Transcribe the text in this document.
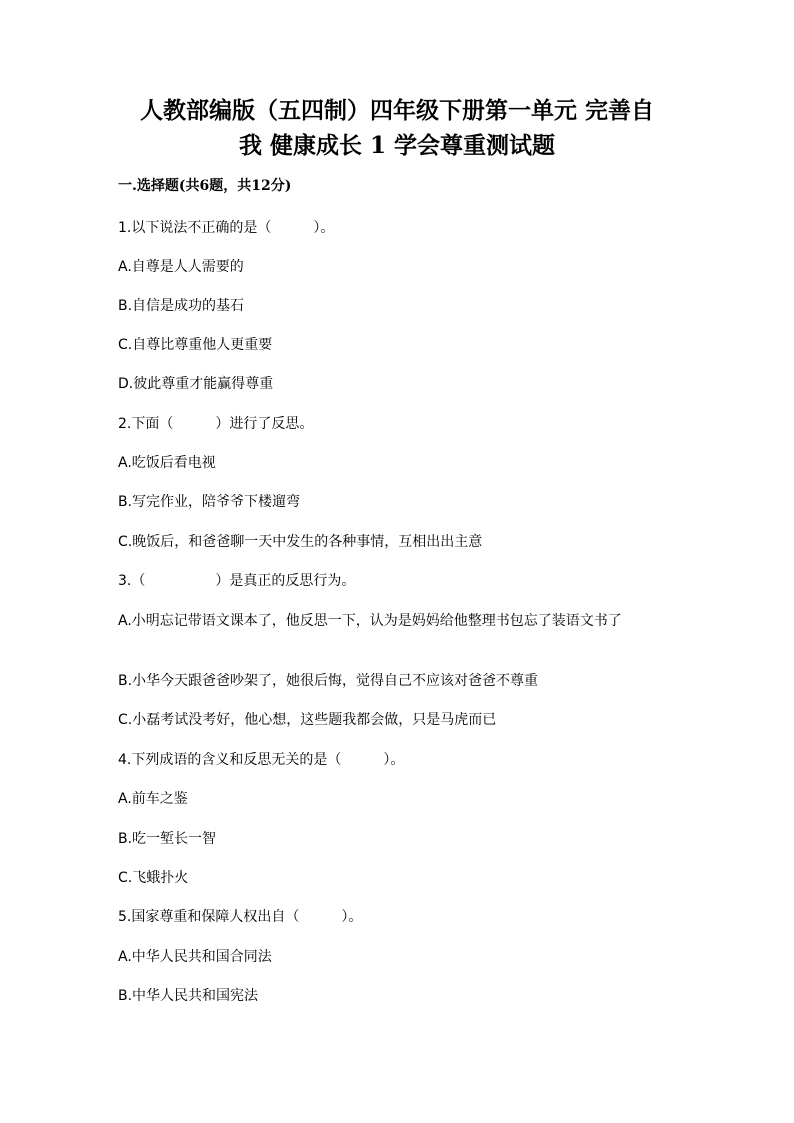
人教部编版（五四制）四年级下册第一单元 完善自
我 健康成长 1 学会尊重测试题
一.选择题(共6题，共12分)
1.以下说法不正确的是（　　　）。
A.自尊是人人需要的
B.自信是成功的基石
C.自尊比尊重他人更重要
D.彼此尊重才能赢得尊重
2.下面（　　　）进行了反思。
A.吃饭后看电视
B.写完作业，陪爷爷下楼遛弯
C.晚饭后，和爸爸聊一天中发生的各种事情，互相出出主意
3.（　　　　　）是真正的反思行为。
A.小明忘记带语文课本了，他反思一下，认为是妈妈给他整理书包忘了装语文书了
B.小华今天跟爸爸吵架了，她很后悔，觉得自己不应该对爸爸不尊重
C.小磊考试没考好，他心想，这些题我都会做，只是马虎而已
4.下列成语的含义和反思无关的是（　　　）。
A.前车之鉴
B.吃一堑长一智
C.飞蛾扑火
5.国家尊重和保障人权出自（　　　）。
A.中华人民共和国合同法
B.中华人民共和国宪法
